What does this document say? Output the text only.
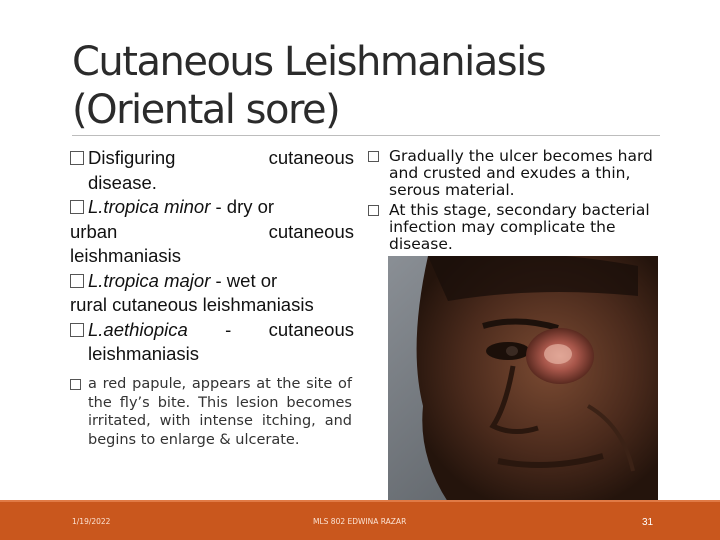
Cutaneous Leishmaniasis
(Oriental sore)

Disfiguring	cutaneous

disease.

L.tropica minor - dry or

urban	cutaneous

leishmaniasis

L.tropica major - wet or

rural cutaneous leishmaniasis

L.aethiopica - cutaneous

leishmaniasis

a red papule, appears at the site of the fly’s bite. This lesion becomes irritated, with intense itching, and begins to enlarge & ulcerate.
Gradually the ulcer becomes hard and crusted and exudes a thin, serous material.
At this stage, secondary bacterial infection may complicate the disease.
1/19/2022	MLS 802 EDWINA RAZAR	31
